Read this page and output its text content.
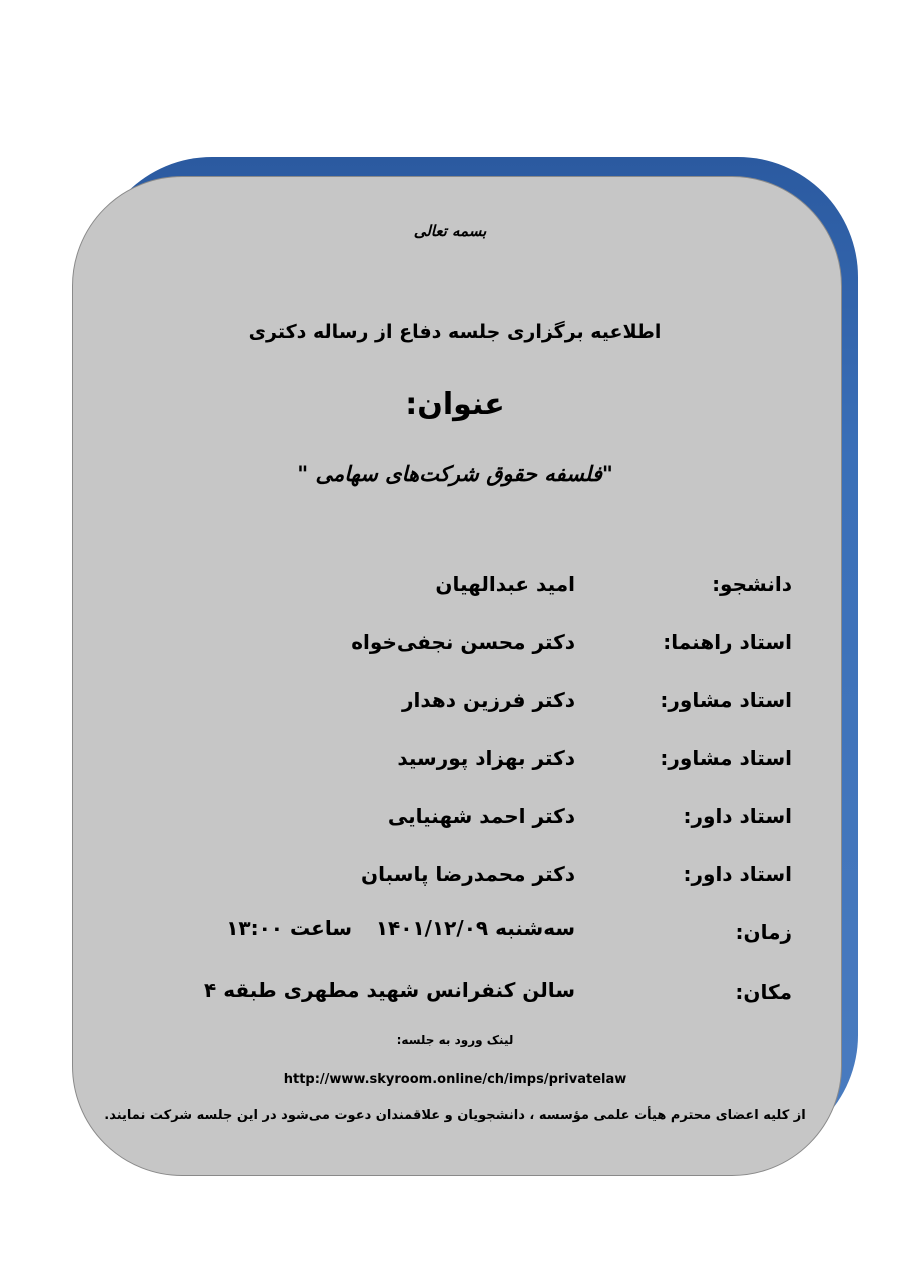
بسمه تعالی
اطلاعیه برگزاری جلسه دفاع از رساله دکتری
عنوان:
"فلسفه حقوق شرکت‌های سهامی "
دانشجو:
امید عبدالهیان
استاد راهنما:
دکتر محسن نجفی‌خواه
استاد مشاور:
دکتر فرزین دهدار
استاد مشاور:
دکتر بهزاد پورسید
استاد داور:
دکتر احمد شهنیایی
استاد داور:
دکتر محمدرضا پاسبان
زمان:
سه‌شنبه ۱۴۰۱/۱۲/۰۹
ساعت ۱۳:۰۰
مکان:
سالن کنفرانس شهید مطهری طبقه ۴
لینک ورود به جلسه:
http://www.skyroom.online/ch/imps/privatelaw
از کلیه اعضای محترم هیأت علمی مؤسسه ، دانشجویان و علاقمندان دعوت می‌شود در این جلسه شرکت نمایند.
